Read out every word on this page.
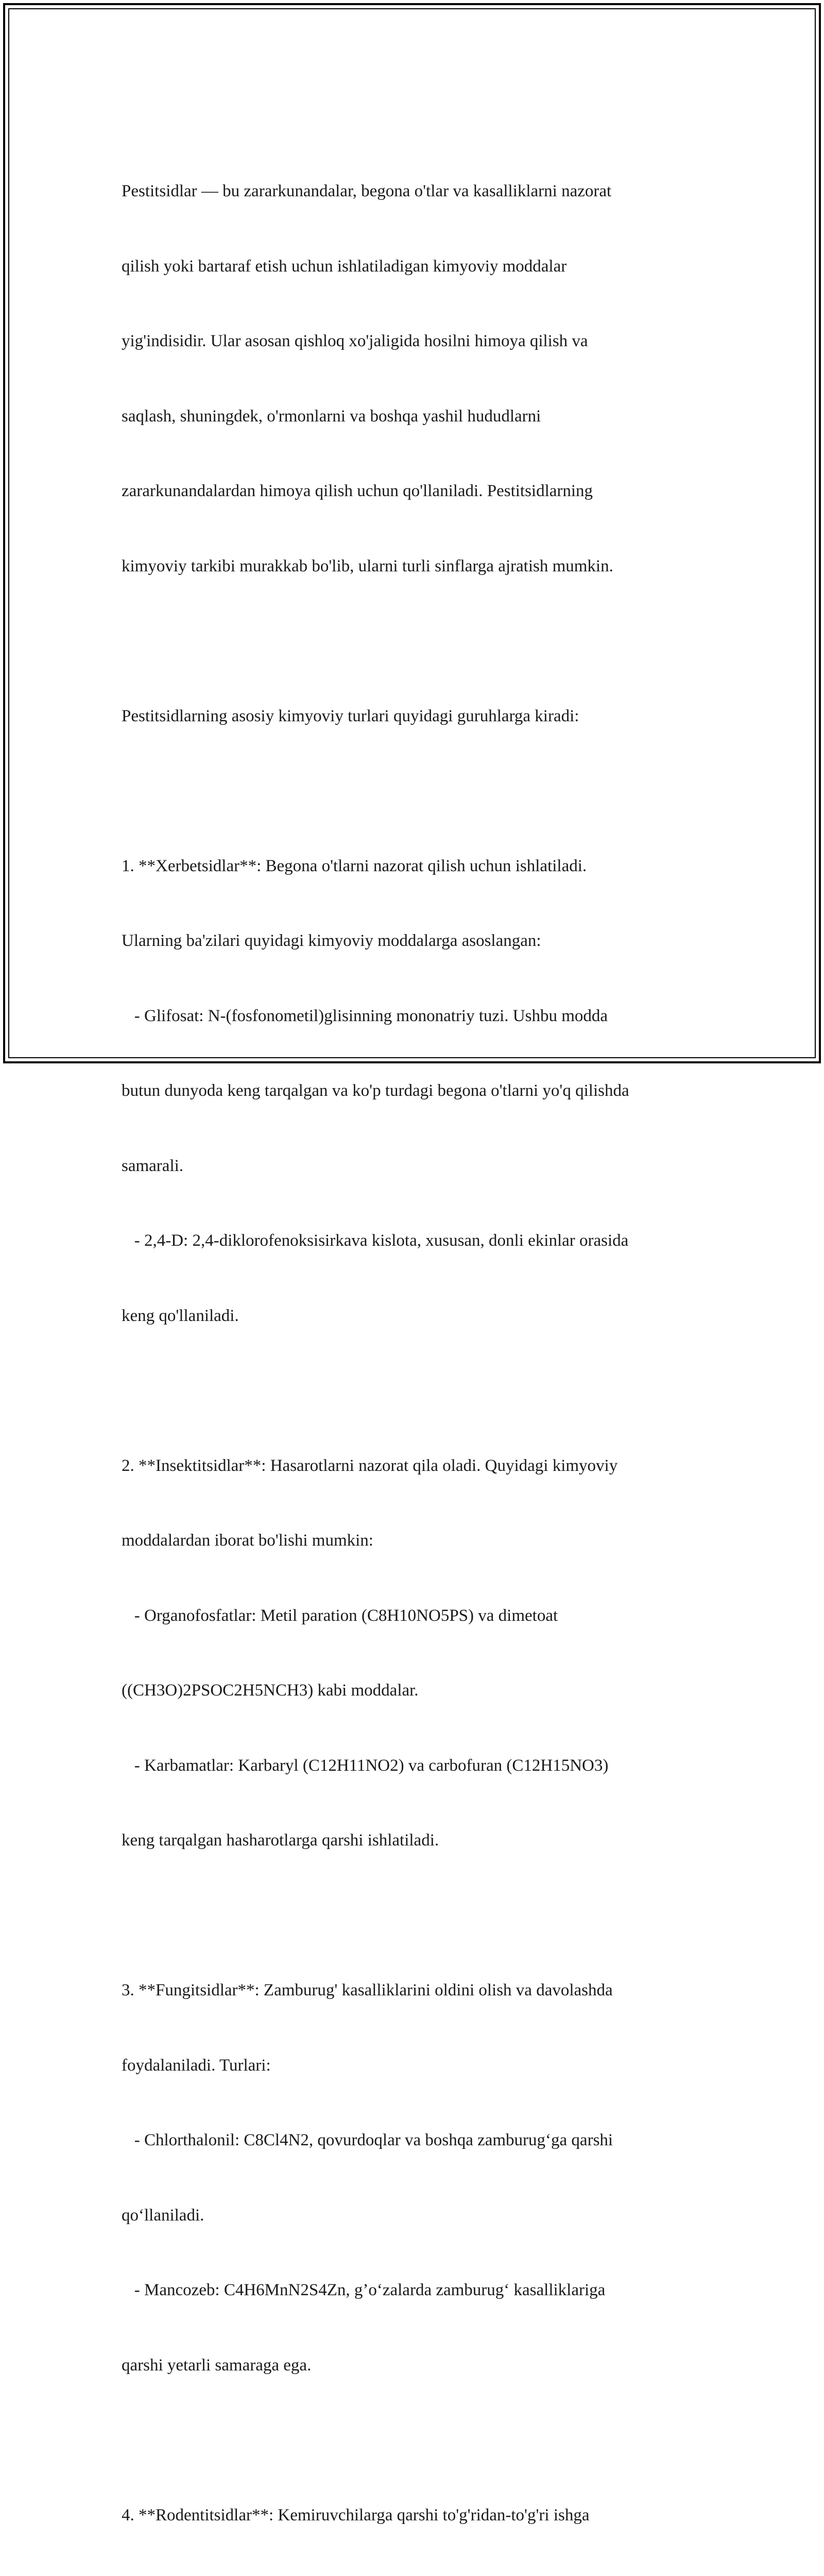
Pestitsidlar — bu zararkunandalar, begona o'tlar va kasalliklarni nazorat

qilish yoki bartaraf etish uchun ishlatiladigan kimyoviy moddalar

yig'indisidir. Ular asosan qishloq xo'jaligida hosilni himoya qilish va

saqlash, shuningdek, o'rmonlarni va boshqa yashil hududlarni

zararkunandalardan himoya qilish uchun qo'llaniladi. Pestitsidlarning

kimyoviy tarkibi murakkab bo'lib, ularni turli sinflarga ajratish mumkin.

Pestitsidlarning asosiy kimyoviy turlari quyidagi guruhlarga kiradi:

1. **Xerbetsidlar**: Begona o'tlarni nazorat qilish uchun ishlatiladi.

Ularning ba'zilari quyidagi kimyoviy moddalarga asoslangan:

- Glifosat: N-(fosfonometil)glisinning mononatriy tuzi. Ushbu modda

butun dunyoda keng tarqalgan va ko'p turdagi begona o'tlarni yo'q qilishda

samarali.

- 2,4-D: 2,4-diklorofenoksisirkava kislota, xususan, donli ekinlar orasida

keng qo'llaniladi.

2. **Insektitsidlar**: Hasarotlarni nazorat qila oladi. Quyidagi kimyoviy

moddalardan iborat bo'lishi mumkin:

- Organofosfatlar: Metil paration (C8H10NO5PS) va dimetoat

((CH3O)2PSOC2H5NCH3) kabi moddalar.

- Karbamatlar: Karbaryl (C12H11NO2) va carbofuran (C12H15NO3)

keng tarqalgan hasharotlarga qarshi ishlatiladi.

3. **Fungitsidlar**: Zamburug' kasalliklarini oldini olish va davolashda

foydalaniladi. Turlari:

- Chlorthalonil: C8Cl4N2, qovurdoqlar va boshqa zamburug‘ga qarshi

qo‘llaniladi.

- Mancozeb: C4H6MnN2S4Zn, g’o‘zalarda zamburug‘ kasalliklariga

qarshi yetarli samaraga ega.

4. **Rodentitsidlar**: Kemiruvchilarga qarshi to'g'ridan-to'g'ri ishga
